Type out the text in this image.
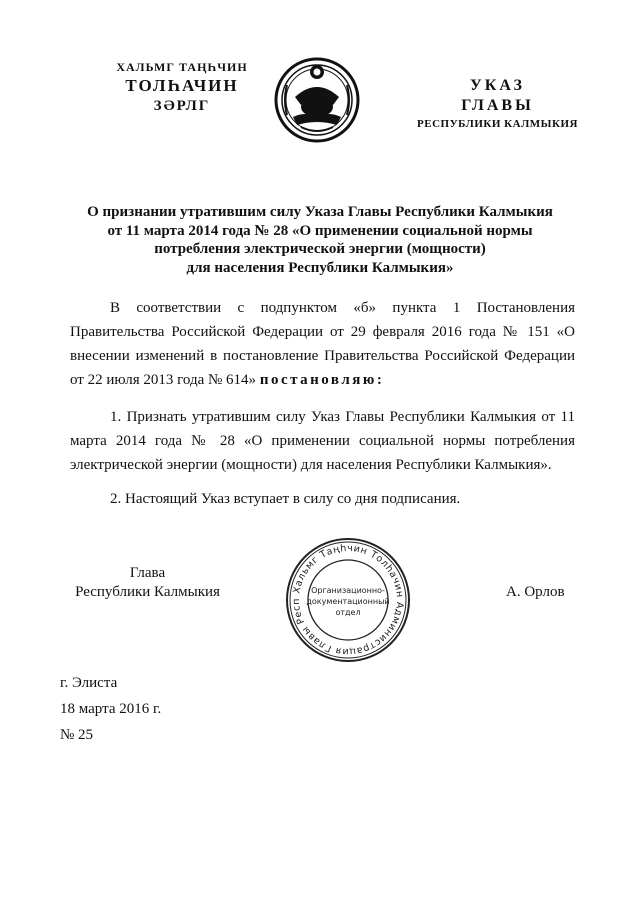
ХАЛЬМГ ТАҢҺЧИН
ТОЛҺАЧИН
ЗӘРЛГ
УКАЗ
ГЛАВЫ
РЕСПУБЛИКИ КАЛМЫКИЯ
О признании утратившим силу Указа Главы Республики Калмыкия
от 11 марта 2014 года № 28 «О применении социальной нормы
потребления электрической энергии (мощности)
для населения Республики Калмыкия»
В соответствии с подпунктом «б» пункта 1 Постановления Правительства Российской Федерации от 29 февраля 2016 года № 151 «О внесении изменений в постановление Правительства Российской Федерации от 22 июля 2013 года № 614» постановляю:
1. Признать утратившим силу Указ Главы Республики Калмыкия от 11 марта 2014 года № 28 «О применении социальной нормы потребления электрической энергии (мощности) для населения Республики Калмыкия».
2. Настоящий Указ вступает в силу со дня подписания.
Глава
Республики Калмыкия	Хальмг Таңһчин Толһачин Администрация Главы Респ
Организационно-
документационный
отдел
А. Орлов
г. Элиста
18 марта 2016 г.
№ 25
